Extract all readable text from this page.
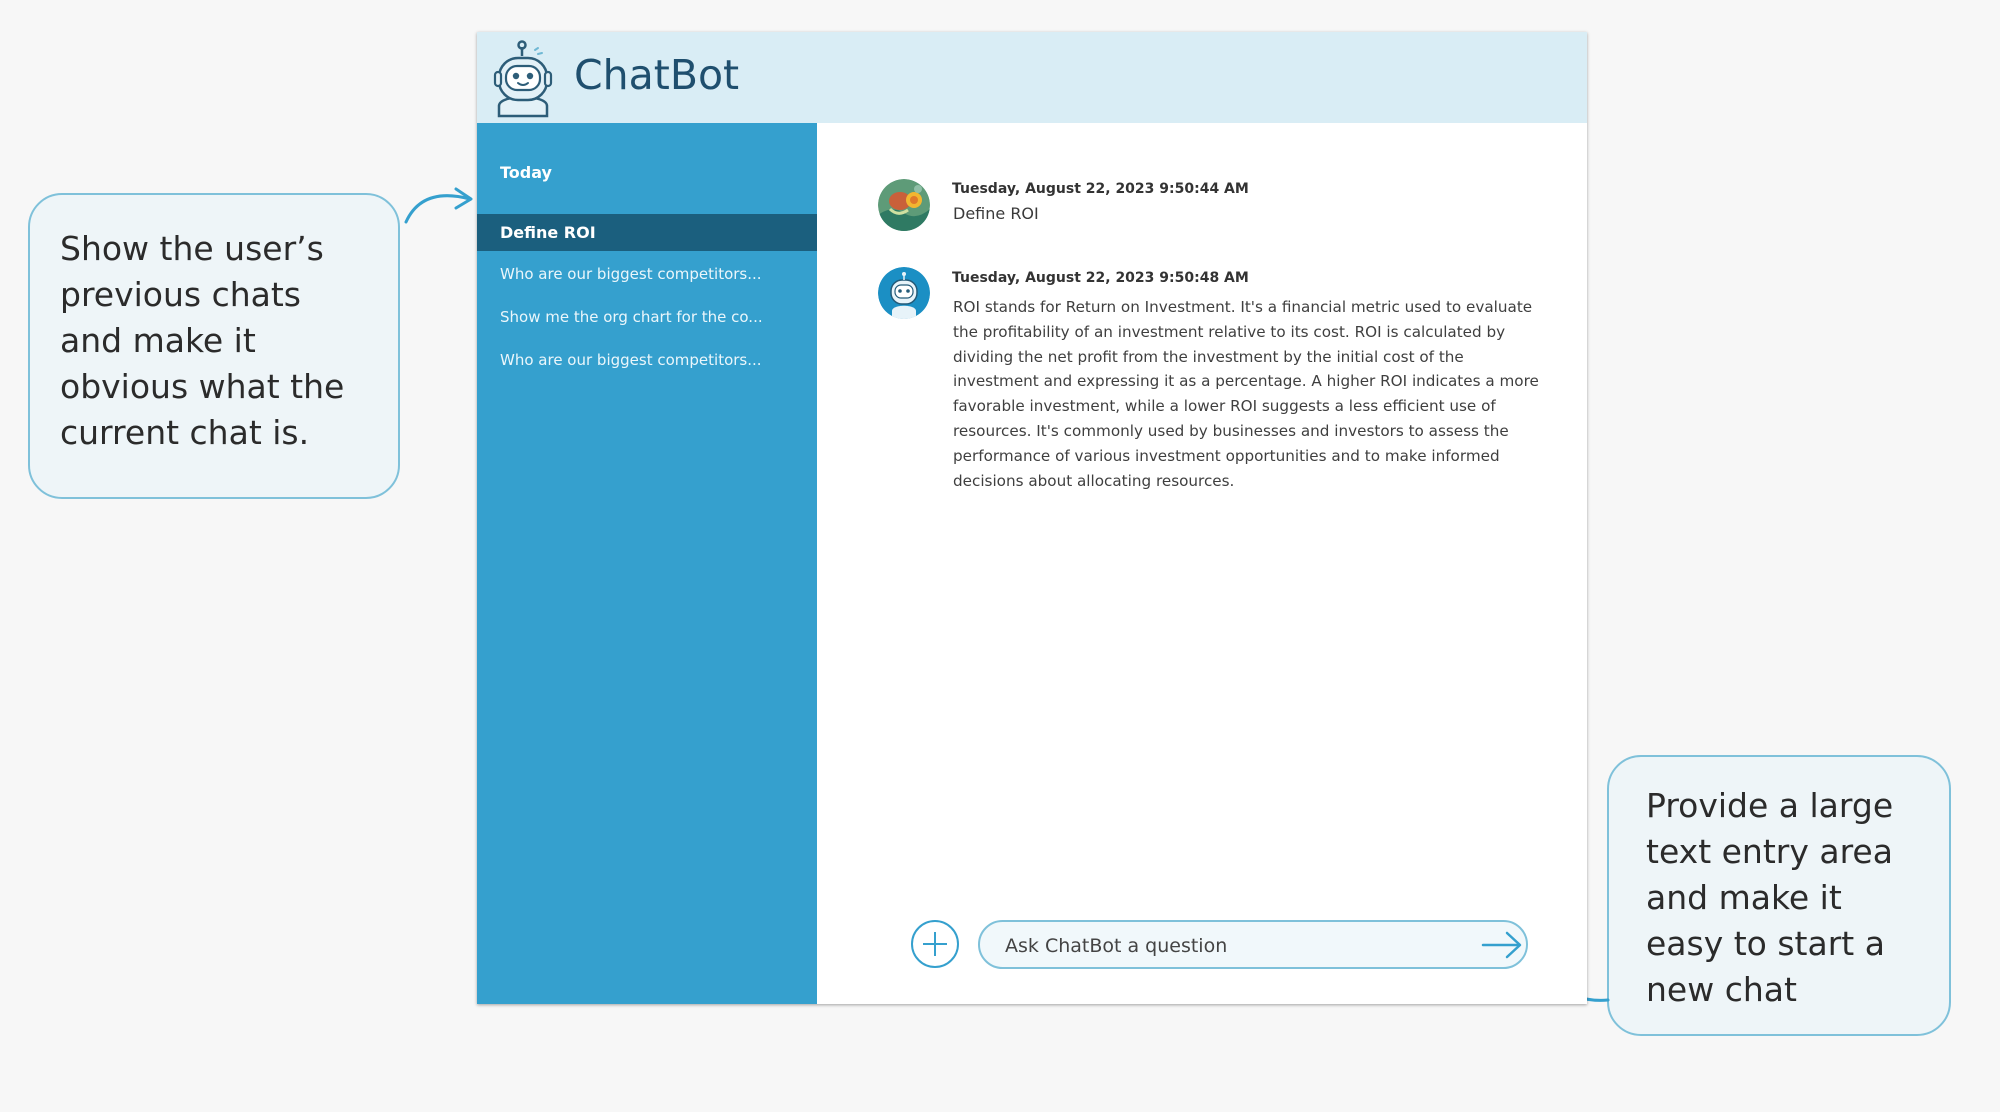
Show the user’s previous chats and make it obvious what the current chat is.
Provide a large text entry area and make it easy to start a new chat
ChatBot
Today
Define ROI
Who are our biggest competitors...
Show me the org chart for the co...
Who are our biggest competitors...
Tuesday, August 22, 2023 9:50:44 AM
Define ROI
Tuesday, August 22, 2023 9:50:48 AM
ROI stands for Return on Investment. It's a financial metric used to evaluate the profitability of an investment relative to its cost. ROI is calculated by dividing the net profit from the investment by the initial cost of the investment and expressing it as a percentage. A higher ROI indicates a more favorable investment, while a lower ROI suggests a less efficient use of resources. It's commonly used by businesses and investors to assess the performance of various investment opportunities and to make informed decisions about allocating resources.
Ask ChatBot a question
